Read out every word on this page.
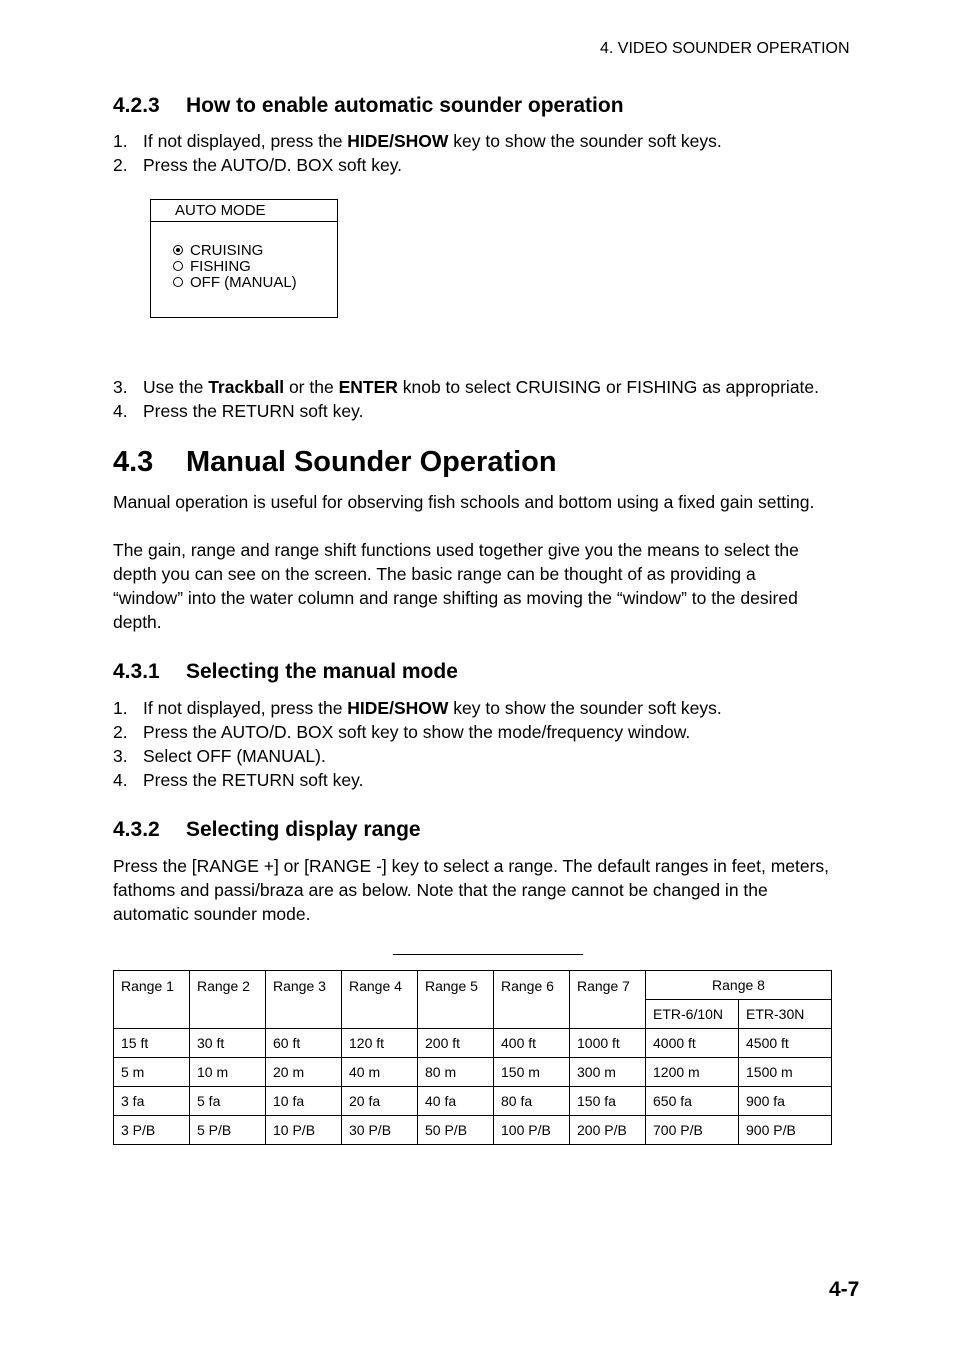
4. VIDEO SOUNDER OPERATION
4.2.3 How to enable automatic sounder operation
1. If not displayed, press the HIDE/SHOW key to show the sounder soft keys.
2. Press the AUTO/D. BOX soft key.
AUTO MODE
CRUISING
FISHING
OFF (MANUAL)
3. Use the Trackball or the ENTER knob to select CRUISING or FISHING as appropriate.
4. Press the RETURN soft key.
4.3 Manual Sounder Operation
Manual operation is useful for observing fish schools and bottom using a fixed gain setting.
The gain, range and range shift functions used together give you the means to select the
depth you can see on the screen. The basic range can be thought of as providing a
“window” into the water column and range shifting as moving the “window” to the desired
depth.
4.3.1 Selecting the manual mode
1. If not displayed, press the HIDE/SHOW key to show the sounder soft keys.
2. Press the AUTO/D. BOX soft key to show the mode/frequency window.
3. Select OFF (MANUAL).
4. Press the RETURN soft key.
4.3.2 Selecting display range
Press the [RANGE +] or [RANGE -] key to select a range. The default ranges in feet, meters,
fathoms and passi/braza are as below. Note that the range cannot be changed in the
automatic sounder mode.
Range 1	Range 2	Range 3	Range 4	Range 5	Range 6	Range 7	Range 8	
							ETR-6/10N	ETR-30N
15 ft	30 ft	60 ft	120 ft	200 ft	400 ft	1000 ft	4000 ft	4500 ft
5 m	10 m	20 m	40 m	80 m	150 m	300 m	1200 m	1500 m
3 fa	5 fa	10 fa	20 fa	40 fa	80 fa	150 fa	650 fa	900 fa
3 P/B	5 P/B	10 P/B	30 P/B	50 P/B	100 P/B	200 P/B	700 P/B	900 P/B
4-7
